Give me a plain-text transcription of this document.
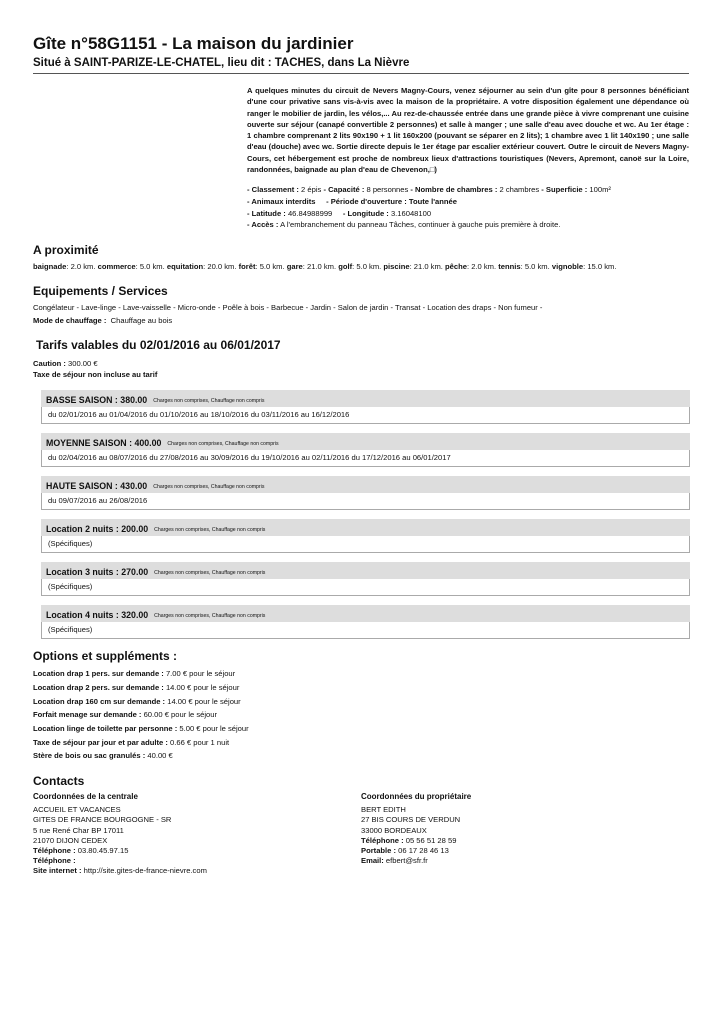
Gîte n°58G1151 - La maison du jardinier
Situé à SAINT-PARIZE-LE-CHATEL, lieu dit : TACHES, dans La Nièvre
A quelques minutes du circuit de Nevers Magny-Cours, venez séjourner au sein d'un gîte pour 8 personnes bénéficiant d'une cour privative sans vis-à-vis avec la maison de la propriétaire. A votre disposition également une dépendance où ranger le mobilier de jardin, les vélos,... Au rez-de-chaussée entrée dans une grande pièce à vivre comprenant une cuisine ouverte sur séjour (canapé convertible 2 personnes) et salle à manger ; une salle d'eau avec douche et wc. Au 1er étage : 1 chambre comprenant 2 lits 90x190 + 1 lit 160x200 (pouvant se séparer en 2 lits); 1 chambre avec 1 lit 140x190 ; une salle d'eau (douche) avec wc. Sortie directe depuis le 1er étage par escalier extérieur couvert. Outre le circuit de Nevers Magny-Cours, cet hébergement est proche de nombreux lieux d'attractions touristiques (Nevers, Apremont, canoë sur la Loire, randonnées, baignade au plan d'eau de Chevenon,□)
- Classement : 2 épis - Capacité : 8 personnes - Nombre de chambres : 2 chambres - Superficie : 100m²
- Animaux interdits - Période d'ouverture : Toute l'année
- Latitude : 46.84988999 - Longitude : 3.16048100
- Accès : A l'embranchement du panneau Tâches, continuer à gauche puis première à droite.
A proximité
baignade: 2.0 km. commerce: 5.0 km. equitation: 20.0 km. forêt: 5.0 km. gare: 21.0 km. golf: 5.0 km. piscine: 21.0 km. pêche: 2.0 km. tennis: 5.0 km. vignoble: 15.0 km.
Equipements / Services
Congélateur - Lave-linge - Lave-vaisselle - Micro-onde - Poêle à bois - Barbecue - Jardin - Salon de jardin - Transat - Location des draps - Non fumeur -
Mode de chauffage : Chauffage au bois
Tarifs valables du 02/01/2016 au 06/01/2017
Caution : 300.00 €
Taxe de séjour non incluse au tarif
BASSE SAISON : 380.00 Charges non comprises, Chauffage non compris
du 02/01/2016 au 01/04/2016 du 01/10/2016 au 18/10/2016 du 03/11/2016 au 16/12/2016
MOYENNE SAISON : 400.00 Charges non comprises, Chauffage non compris
du 02/04/2016 au 08/07/2016 du 27/08/2016 au 30/09/2016 du 19/10/2016 au 02/11/2016 du 17/12/2016 au 06/01/2017
HAUTE SAISON : 430.00 Charges non comprises, Chauffage non compris
du 09/07/2016 au 26/08/2016
Location 2 nuits : 200.00 Charges non comprises, Chauffage non compris
(Spécifiques)
Location 3 nuits : 270.00 Charges non comprises, Chauffage non compris
(Spécifiques)
Location 4 nuits : 320.00 Charges non comprises, Chauffage non compris
(Spécifiques)
Options et suppléments :
Location drap 1 pers. sur demande : 7.00 € pour le séjour
Location drap 2 pers. sur demande : 14.00 € pour le séjour
Location drap 160 cm sur demande : 14.00 € pour le séjour
Forfait menage sur demande : 60.00 € pour le séjour
Location linge de toilette par personne : 5.00 € pour le séjour
Taxe de séjour par jour et par adulte : 0.66 € pour 1 nuit
Stère de bois ou sac granulés : 40.00 €
Contacts
Coordonnées de la centrale
ACCUEIL ET VACANCES
GITES DE FRANCE BOURGOGNE - SR
5 rue René Char BP 17011
21070 DIJON CEDEX
Téléphone : 03.80.45.97.15
Téléphone :
Site internet : http://site.gites-de-france-nievre.com
Coordonnées du propriétaire
BERT EDITH
27 BIS COURS DE VERDUN
33000 BORDEAUX
Téléphone : 05 56 51 28 59
Portable : 06 17 28 46 13
Email: efbert@sfr.fr
